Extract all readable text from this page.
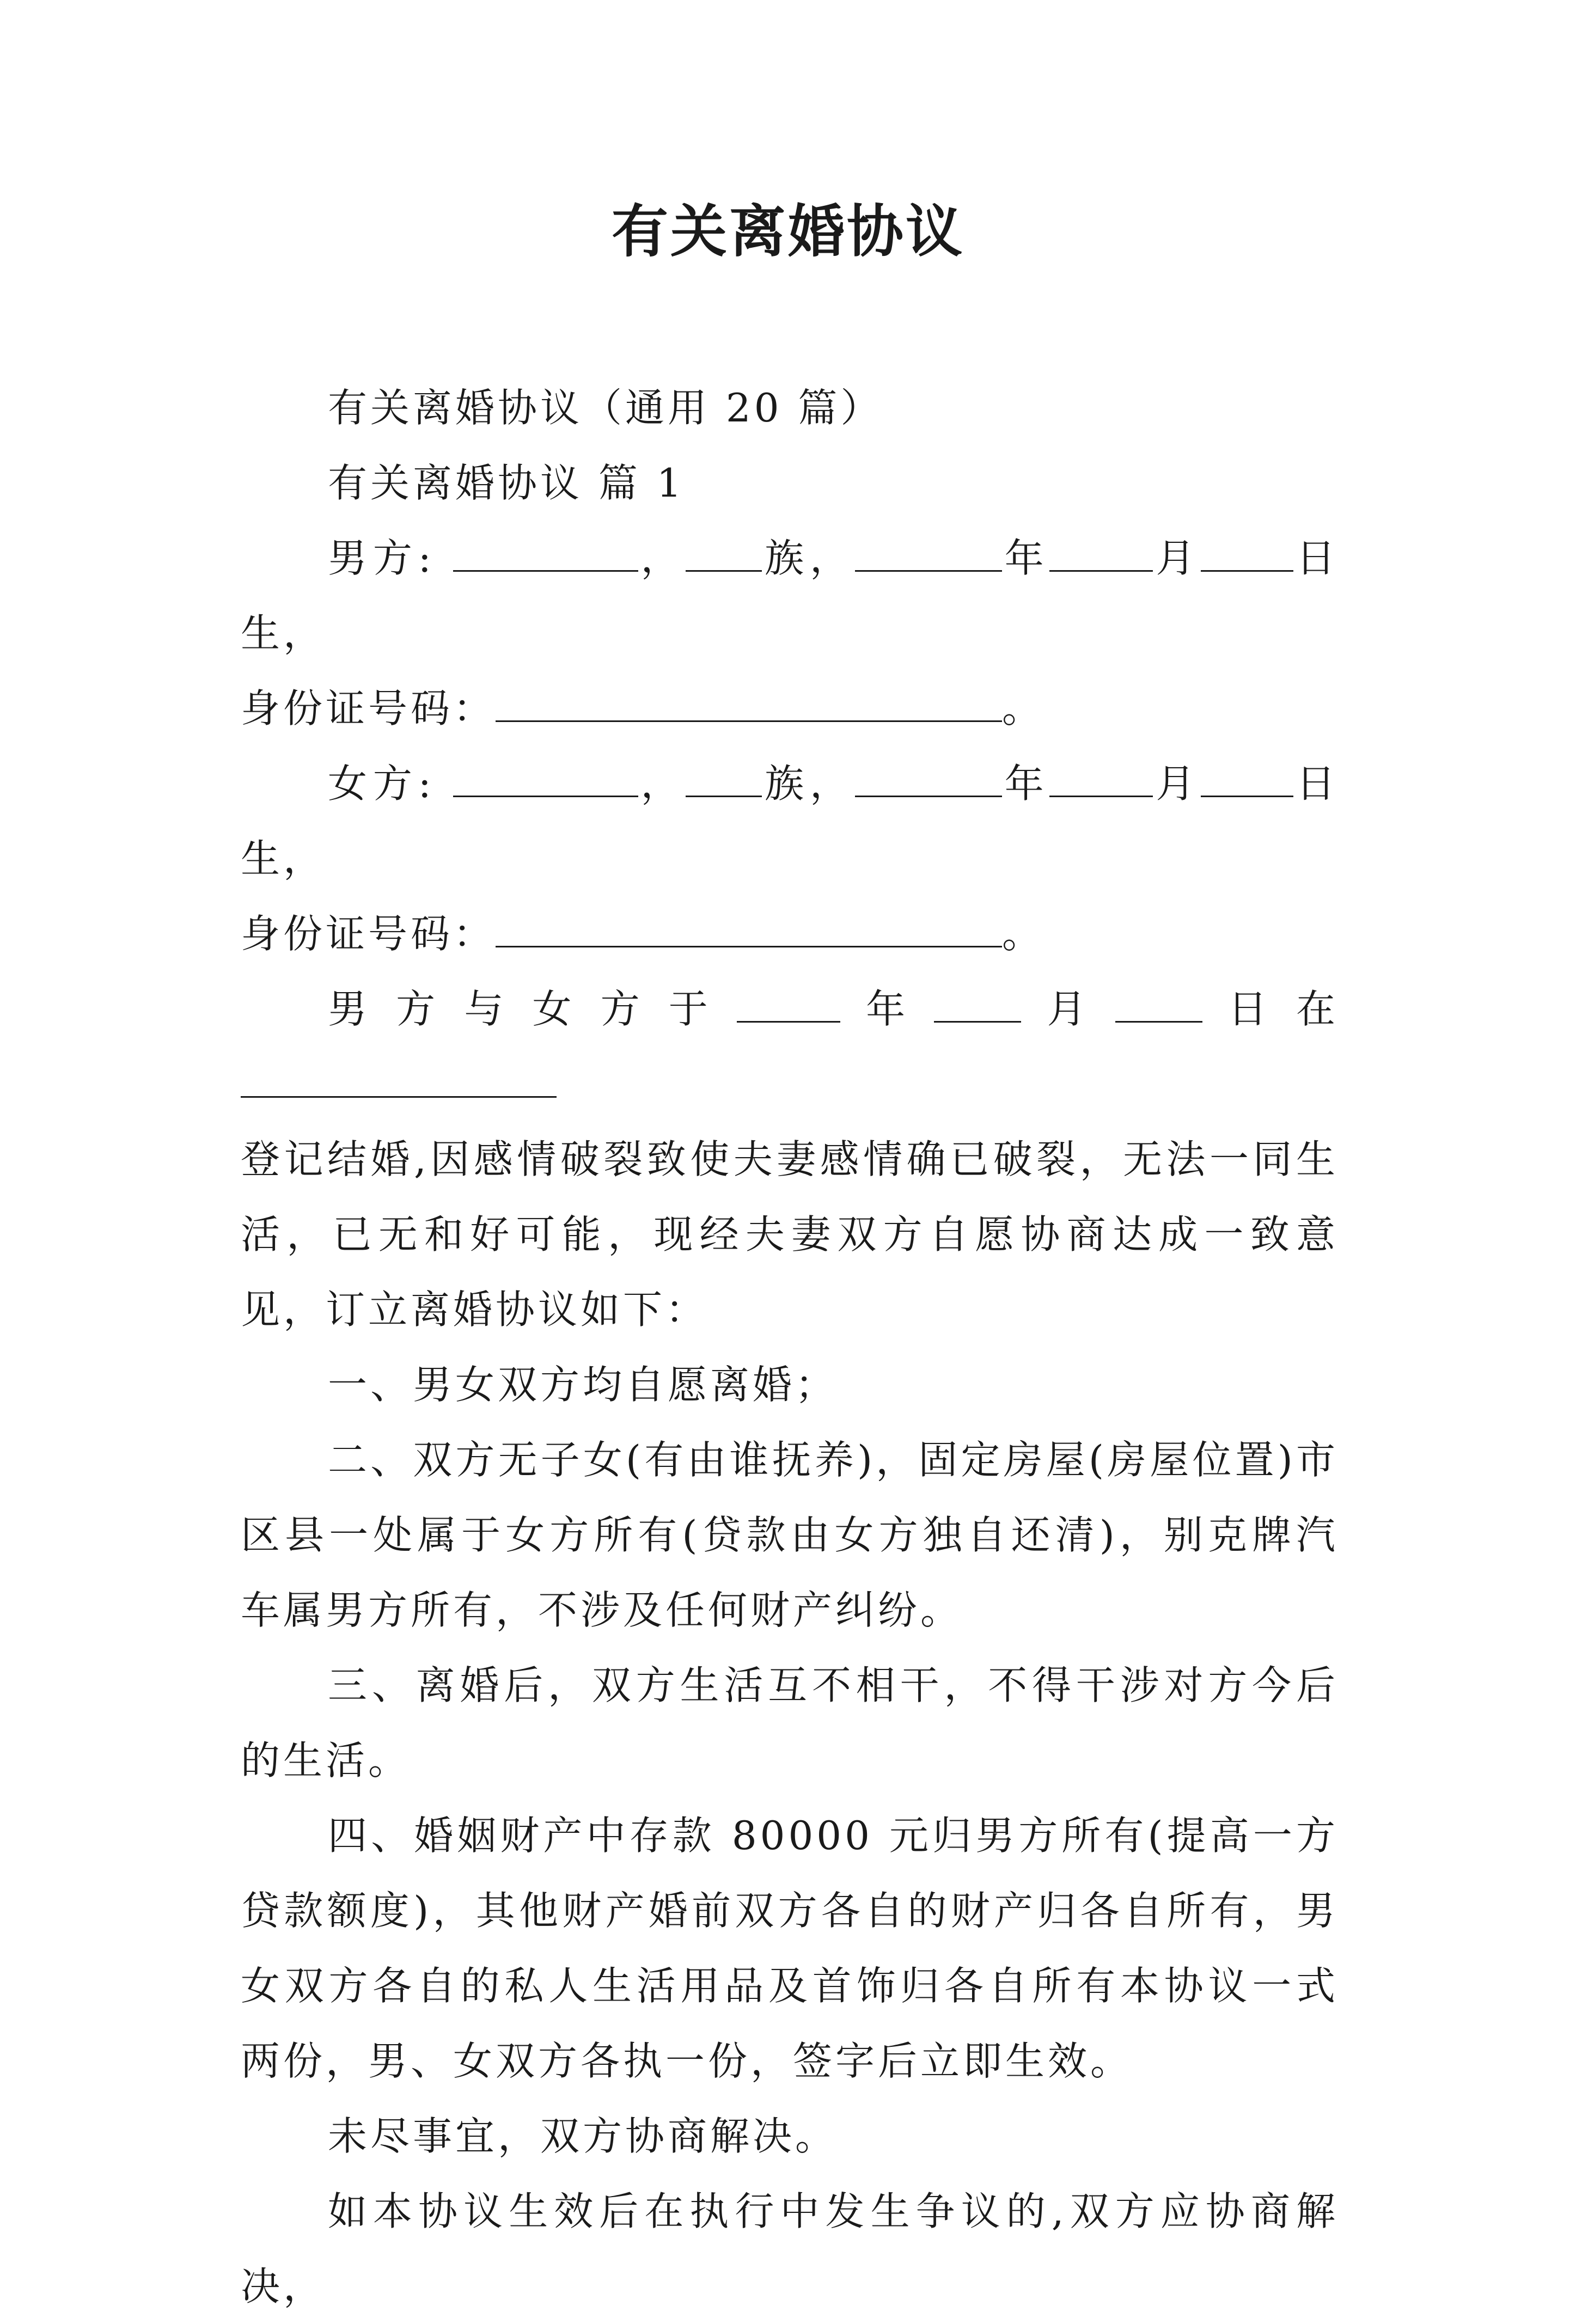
有关离婚协议

有关离婚协议（通用 20 篇）

有关离婚协议 篇 1

男方:	， 族，	年	月 日生，
身份证号码：	。

女方:	， 族，	年	月 日生，
身份证号码：	。

男方与女方于	年 月 日在
登记结婚,因感情破裂致使夫妻感情确已破裂，无法一同生活，已无和好可能，现经夫妻双方自愿协商达成一致意见，订立离婚协议如下：

一、男女双方均自愿离婚；

二、双方无子女(有由谁抚养)，固定房屋(房屋位置)市区县一处属于女方所有(贷款由女方独自还清)，别克牌汽车属男方所有，不涉及任何财产纠纷。

三、离婚后，双方生活互不相干，不得干涉对方今后的生活。

四、婚姻财产中存款 80000 元归男方所有(提高一方贷款额度)，其他财产婚前双方各自的财产归各自所有，男女双方各自的私人生活用品及首饰归各自所有本协议一式两份，男、女双方各执一份，签字后立即生效。

未尽事宜，双方协商解决。

如本协议生效后在执行中发生争议的,双方应协商解决，
